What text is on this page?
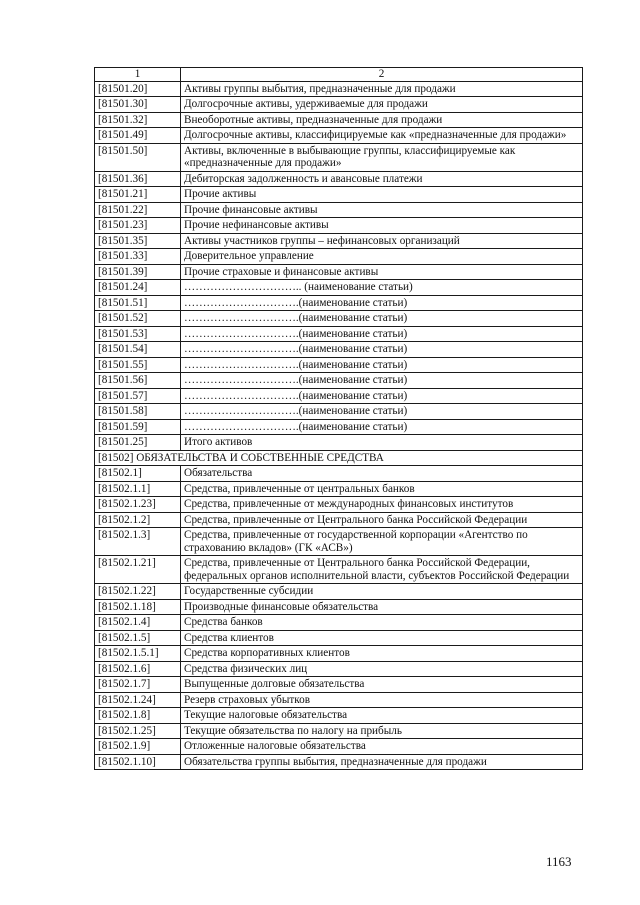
1	2
[81501.20]	Активы группы выбытия, предназначенные для продажи
[81501.30]	Долгосрочные активы, удерживаемые для продажи
[81501.32]	Внеоборотные активы, предназначенные для продажи
[81501.49]	Долгосрочные активы, классифицируемые как «предназначенные для продажи»
[81501.50]	Активы, включенные в выбывающие группы, классифицируемые как «предназначенные для продажи»
[81501.36]	Дебиторская задолженность и авансовые платежи
[81501.21]	Прочие активы
[81501.22]	Прочие финансовые активы
[81501.23]	Прочие нефинансовые активы
[81501.35]	Активы участников группы – нефинансовых организаций
[81501.33]	Доверительное управление
[81501.39]	Прочие страховые и финансовые активы
[81501.24]	………………………….. (наименование статьи)
[81501.51]	………………………….(наименование статьи)
[81501.52]	………………………….(наименование статьи)
[81501.53]	………………………….(наименование статьи)
[81501.54]	………………………….(наименование статьи)
[81501.55]	………………………….(наименование статьи)
[81501.56]	………………………….(наименование статьи)
[81501.57]	………………………….(наименование статьи)
[81501.58]	………………………….(наименование статьи)
[81501.59]	………………………….(наименование статьи)
[81501.25]	Итого активов
[81502] ОБЯЗАТЕЛЬСТВА И СОБСТВЕННЫЕ СРЕДСТВА	
[81502.1]	Обязательства
[81502.1.1]	Средства, привлеченные от центральных банков
[81502.1.23]	Средства, привлеченные от международных финансовых институтов
[81502.1.2]	Средства, привлеченные от Центрального банка Российской Федерации
[81502.1.3]	Средства, привлеченные от государственной корпорации «Агентство по страхованию вкладов» (ГК «АСВ»)
[81502.1.21]	Средства, привлеченные от Центрального банка Российской Федерации, федеральных органов исполнительной власти, субъектов Российской Федерации
[81502.1.22]	Государственные субсидии
[81502.1.18]	Производные финансовые обязательства
[81502.1.4]	Средства банков
[81502.1.5]	Средства клиентов
[81502.1.5.1]	Средства корпоративных клиентов
[81502.1.6]	Средства физических лиц
[81502.1.7]	Выпущенные долговые обязательства
[81502.1.24]	Резерв страховых убытков
[81502.1.8]	Текущие налоговые обязательства
[81502.1.25]	Текущие обязательства по налогу на прибыль
[81502.1.9]	Отложенные налоговые обязательства
[81502.1.10]	Обязательства группы выбытия, предназначенные для продажи
1163
